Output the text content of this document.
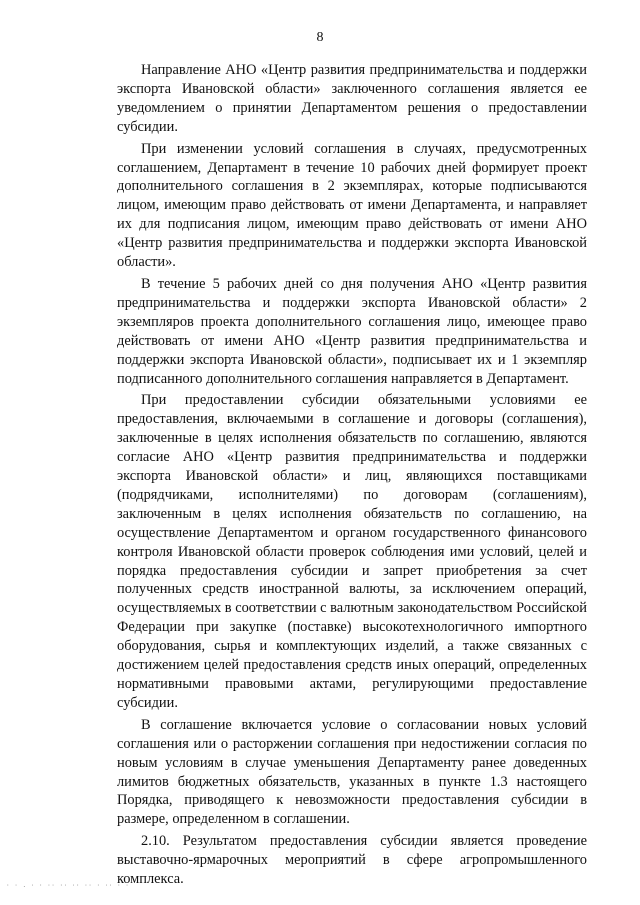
8

Направление АНО «Центр развития предпринимательства и поддержки экспорта Ивановской области» заключенного соглашения является ее уведомлением о принятии Департаментом решения о предоставлении субсидии.

При изменении условий соглашения в случаях, предусмотренных соглашением, Департамент в течение 10 рабочих дней формирует проект дополнительного соглашения в 2 экземплярах, которые подписываются лицом, имеющим право действовать от имени Департамента, и направляет их для подписания лицом, имеющим право действовать от имени АНО «Центр развития предпринимательства и поддержки экспорта Ивановской области».

В течение 5 рабочих дней со дня получения АНО «Центр развития предпринимательства и поддержки экспорта Ивановской области» 2 экземпляров проекта дополнительного соглашения лицо, имеющее право действовать от имени АНО «Центр развития предпринимательства и поддержки экспорта Ивановской области», подписывает их и 1 экземпляр подписанного дополнительного соглашения направляется в Департамент.

При предоставлении субсидии обязательными условиями ее предоставления, включаемыми в соглашение и договоры (соглашения), заключенные в целях исполнения обязательств по соглашению, являются согласие АНО «Центр развития предпринимательства и поддержки экспорта Ивановской области» и лиц, являющихся поставщиками (подрядчиками, исполнителями) по договорам (соглашениям), заключенным в целях исполнения обязательств по соглашению, на осуществление Департаментом и органом государственного финансового контроля Ивановской области проверок соблюдения ими условий, целей и порядка предоставления субсидии и запрет приобретения за счет полученных средств иностранной валюты, за исключением операций, осуществляемых в соответствии с валютным законодательством Российской Федерации при закупке (поставке) высокотехнологичного импортного оборудования, сырья и комплектующих изделий, а также связанных с достижением целей предоставления средств иных операций, определенных нормативными правовыми актами, регулирующими предоставление субсидии.

В соглашение включается условие о согласовании новых условий соглашения или о расторжении соглашения при недостижении согласия по новым условиям в случае уменьшения Департаменту ранее доведенных лимитов бюджетных обязательств, указанных в пункте 1.3 настоящего Порядка, приводящего к невозможности предоставления субсидии в размере, определенном в соглашении.

2.10. Результатом предоставления субсидии является проведение выставочно-ярмарочных мероприятий в сфере агропромышленного комплекса.

· · . · · ·· ·· ·· ·· · ·· · ·
